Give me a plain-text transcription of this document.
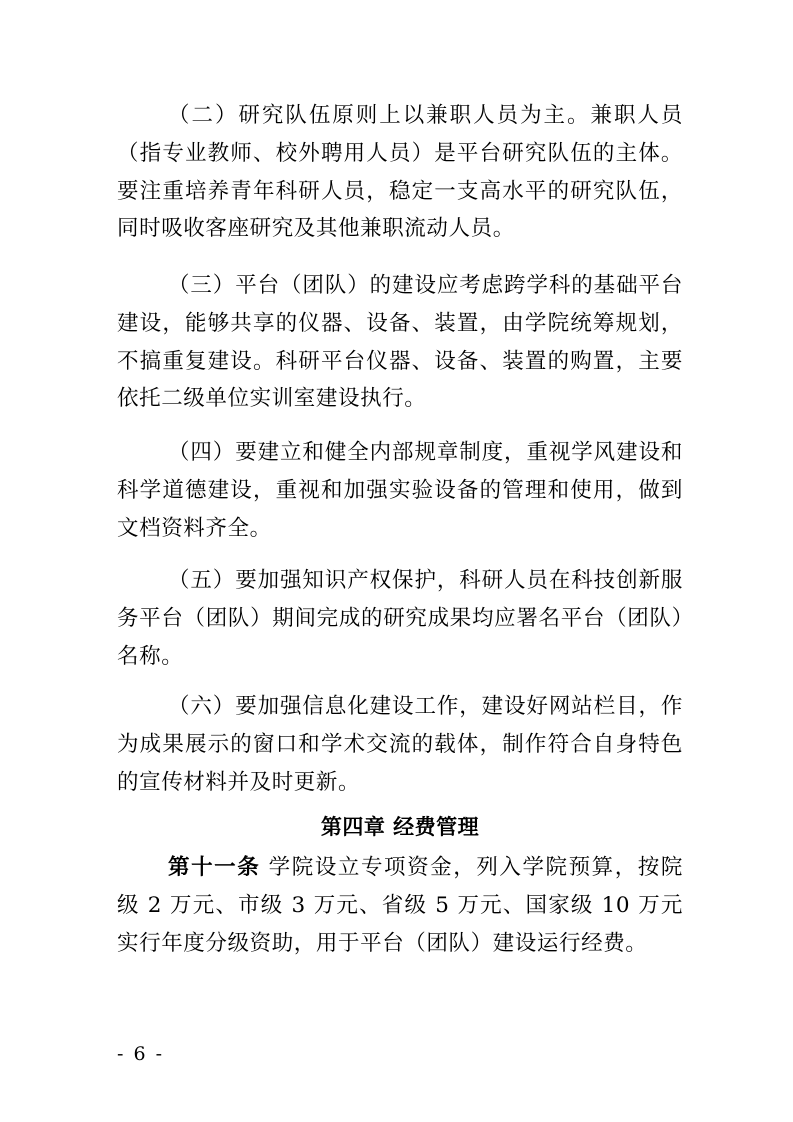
（二）研究队伍原则上以兼职人员为主。兼职人员（指专业教师、校外聘用人员）是平台研究队伍的主体。要注重培养青年科研人员，稳定一支高水平的研究队伍，同时吸收客座研究及其他兼职流动人员。

（三）平台（团队）的建设应考虑跨学科的基础平台建设，能够共享的仪器、设备、装置，由学院统筹规划，不搞重复建设。科研平台仪器、设备、装置的购置，主要依托二级单位实训室建设执行。

（四）要建立和健全内部规章制度，重视学风建设和科学道德建设，重视和加强实验设备的管理和使用，做到文档资料齐全。

（五）要加强知识产权保护，科研人员在科技创新服务平台（团队）期间完成的研究成果均应署名平台（团队）名称。

（六）要加强信息化建设工作，建设好网站栏目，作为成果展示的窗口和学术交流的载体，制作符合自身特色的宣传材料并及时更新。

第四章 经费管理

第十一条 学院设立专项资金，列入学院预算，按院级 2 万元、市级 3 万元、省级 5 万元、国家级 10 万元实行年度分级资助，用于平台（团队）建设运行经费。

- 6 -
